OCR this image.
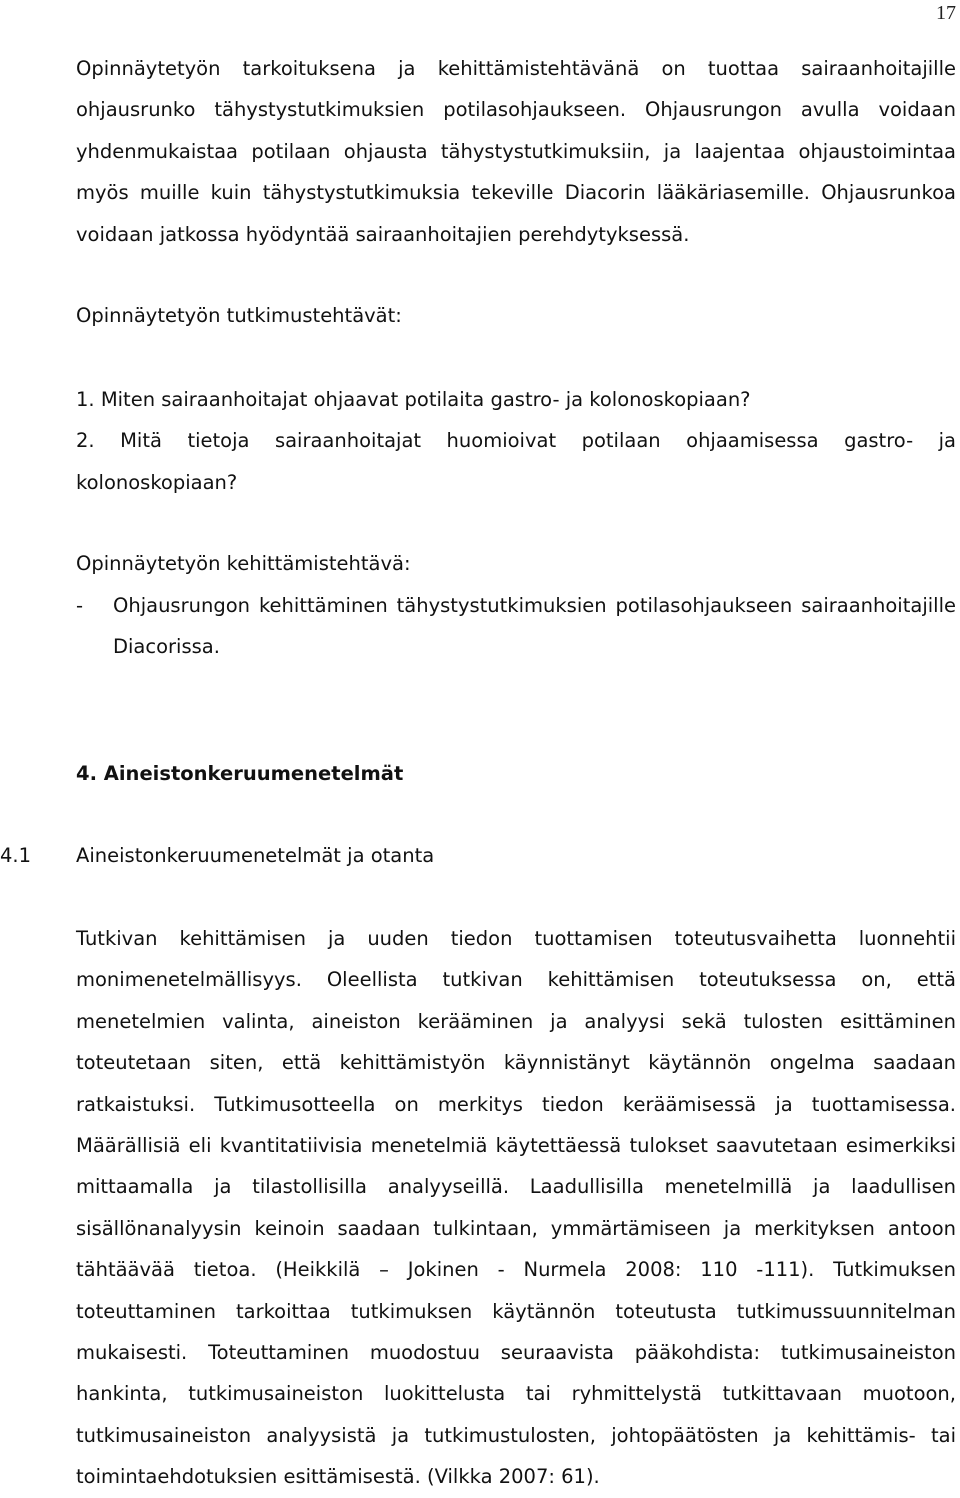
17

Opinnäytetyön tarkoituksena ja kehittämistehtävänä on tuottaa sairaanhoitajille ohjausrunko tähystystutkimuksien potilasohjaukseen. Ohjausrungon avulla voidaan yhdenmukaistaa potilaan ohjausta tähystystutkimuksiin, ja laajentaa ohjaustoimintaa myös muille kuin tähystystutkimuksia tekeville Diacorin lääkäriasemille. Ohjausrunkoa voidaan jatkossa hyödyntää sairaanhoitajien perehdytyksessä.

Opinnäytetyön tutkimustehtävät:

1. Miten sairaanhoitajat ohjaavat potilaita gastro- ja kolonoskopiaan?

2. Mitä tietoja sairaanhoitajat huomioivat potilaan ohjaamisessa gastro- ja kolonoskopiaan?

Opinnäytetyön kehittämistehtävä:

- Ohjausrungon kehittäminen tähystystutkimuksien potilasohjaukseen sairaanhoitajille Diacorissa.

4. Aineistonkeruumenetelmät
4.1 Aineistonkeruumenetelmät ja otanta

Tutkivan kehittämisen ja uuden tiedon tuottamisen toteutusvaihetta luonnehtii monimenetelmällisyys. Oleellista tutkivan kehittämisen toteutuksessa on, että menetelmien valinta, aineiston kerääminen ja analyysi sekä tulosten esittäminen toteutetaan siten, että kehittämistyön käynnistänyt käytännön ongelma saadaan ratkaistuksi. Tutkimusotteella on merkitys tiedon keräämisessä ja tuottamisessa. Määrällisiä eli kvantitatiivisia menetelmiä käytettäessä tulokset saavutetaan esimerkiksi mittaamalla ja tilastollisilla analyyseillä. Laadullisilla menetelmillä ja laadullisen sisällönanalyysin keinoin saadaan tulkintaan, ymmärtämiseen ja merkityksen antoon tähtäävää tietoa. (Heikkilä – Jokinen - Nurmela 2008: 110 -111). Tutkimuksen toteuttaminen tarkoittaa tutkimuksen käytännön toteutusta tutkimussuunnitelman mukaisesti. Toteuttaminen muodostuu seuraavista pääkohdista: tutkimusaineiston hankinta, tutkimusaineiston luokittelusta tai ryhmittelystä tutkittavaan muotoon, tutkimusaineiston analyysistä ja tutkimustulosten, johtopäätösten ja kehittämis- tai toimintaehdotuksien esittämisestä. (Vilkka 2007: 61).
